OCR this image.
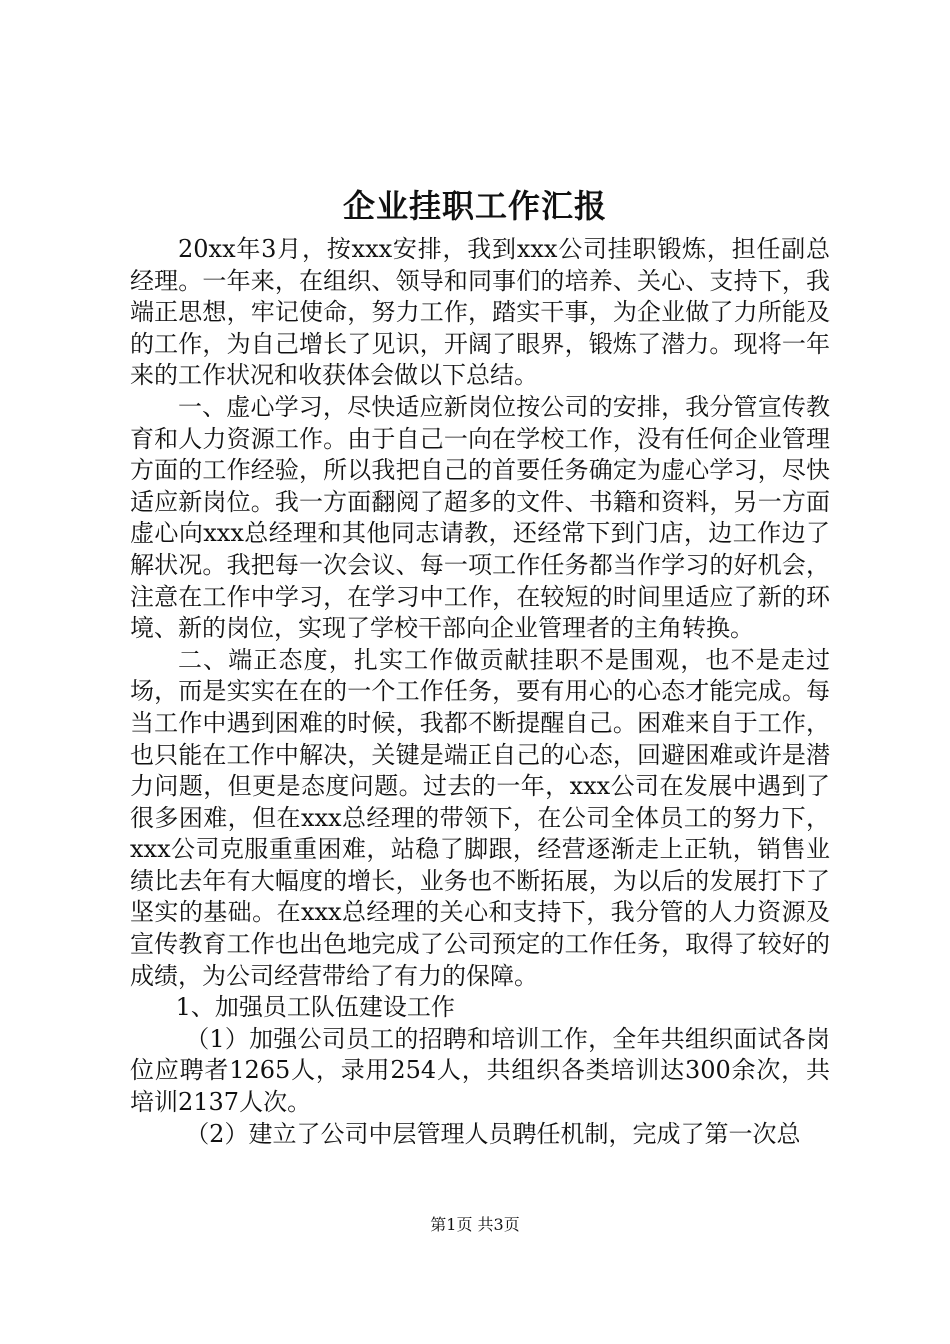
企业挂职工作汇报

20xx年3月，按xxx安排，我到xxx公司挂职锻炼，担任副总经理。一年来，在组织、领导和同事们的培养、关心、支持下，我端正思想，牢记使命，努力工作，踏实干事，为企业做了力所能及的工作，为自己增长了见识，开阔了眼界，锻炼了潜力。现将一年来的工作状况和收获体会做以下总结。

一、虚心学习，尽快适应新岗位按公司的安排，我分管宣传教育和人力资源工作。由于自己一向在学校工作，没有任何企业管理方面的工作经验，所以我把自己的首要任务确定为虚心学习，尽快适应新岗位。我一方面翻阅了超多的文件、书籍和资料，另一方面虚心向xxx总经理和其他同志请教，还经常下到门店，边工作边了解状况。我把每一次会议、每一项工作任务都当作学习的好机会，注意在工作中学习，在学习中工作，在较短的时间里适应了新的环境、新的岗位，实现了学校干部向企业管理者的主角转换。

二、端正态度，扎实工作做贡献挂职不是围观，也不是走过场，而是实实在在的一个工作任务，要有用心的心态才能完成。每当工作中遇到困难的时候，我都不断提醒自己。困难来自于工作，也只能在工作中解决，关键是端正自己的心态，回避困难或许是潜力问题，但更是态度问题。过去的一年，xxx公司在发展中遇到了很多困难，但在xxx总经理的带领下，在公司全体员工的努力下，xxx公司克服重重困难，站稳了脚跟，经营逐渐走上正轨，销售业绩比去年有大幅度的增长，业务也不断拓展，为以后的发展打下了坚实的基础。在xxx总经理的关心和支持下，我分管的人力资源及宣传教育工作也出色地完成了公司预定的工作任务，取得了较好的成绩，为公司经营带给了有力的保障。

1、加强员工队伍建设工作

（1）加强公司员工的招聘和培训工作，全年共组织面试各岗位应聘者1265人，录用254人，共组织各类培训达300余次，共培训2137人次。

（2）建立了公司中层管理人员聘任机制，完成了第一次总

第1页 共3页
